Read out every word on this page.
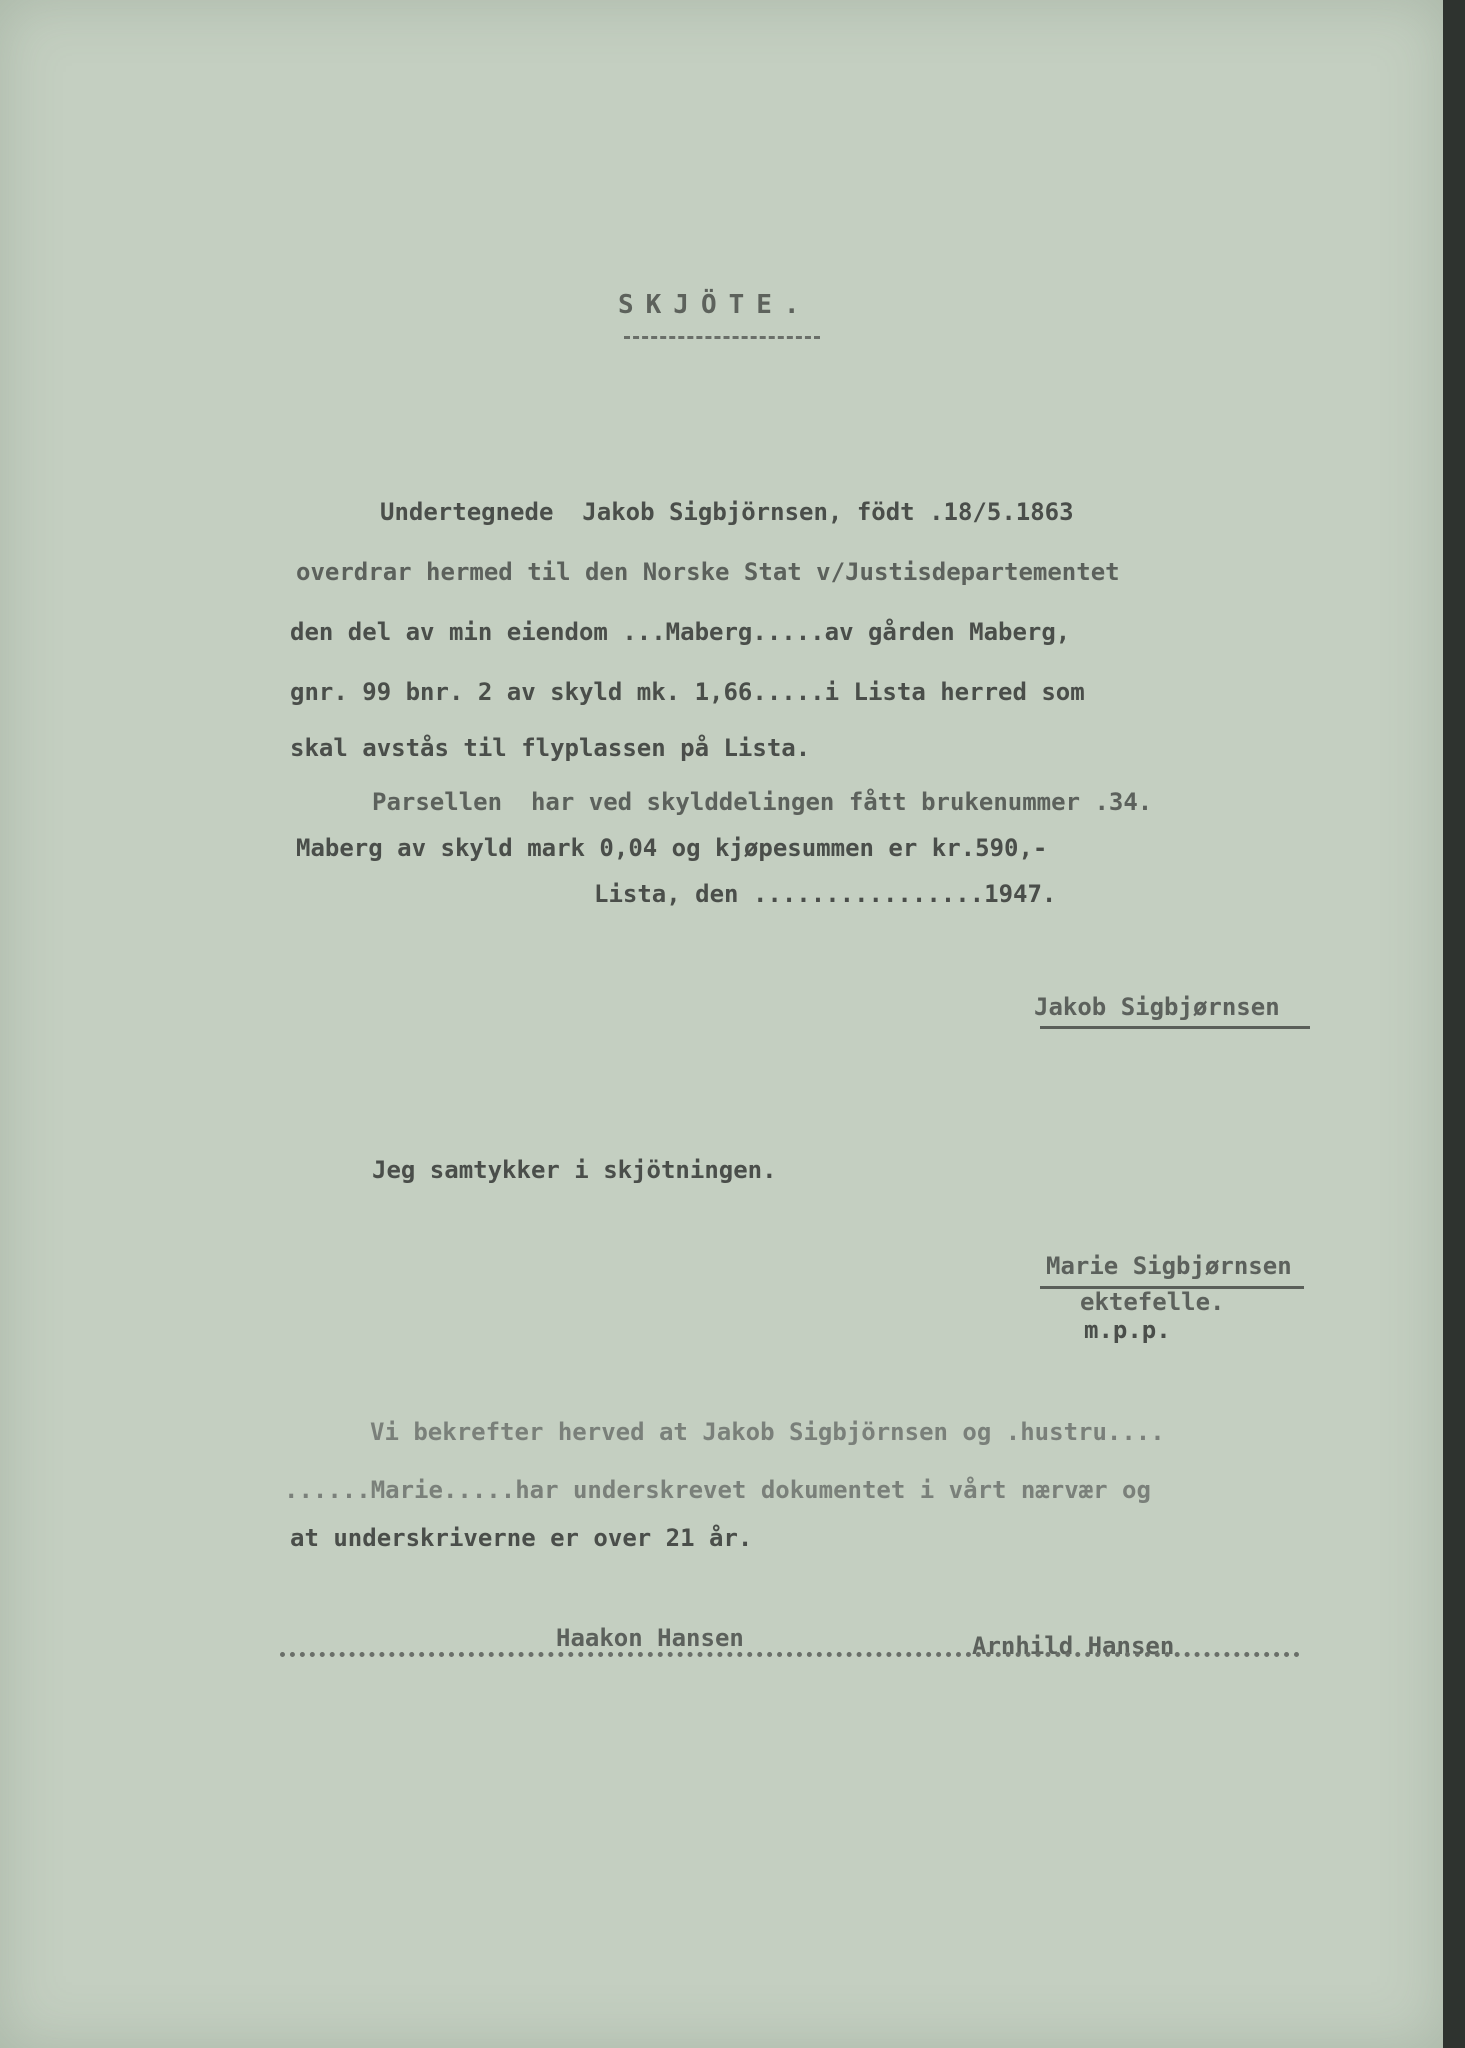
SKJÖTE.

Undertegnede  Jakob Sigbjörnsen, födt .18/5.1863

overdrar hermed til den Norske Stat v/Justisdepartementet

den del av min eiendom ...Maberg.....av gården Maberg,

gnr. 99 bnr. 2 av skyld mk. 1,66.....i Lista herred som

skal avstås til flyplassen på Lista.

Parsellen  har ved skylddelingen fått brukenummer .34.

Maberg av skyld mark 0,04 og kjøpesummen er kr.590,-

Lista, den ................1947.

Jakob Sigbjørnsen

Jeg samtykker i skjötningen.

Marie Sigbjørnsen

ektefelle.

m.p.p.

Vi bekrefter herved at Jakob Sigbjörnsen og .hustru....

......Marie.....har underskrevet dokumentet i vårt nærvær og

at underskriverne er over 21 år.

Haakon Hansen	Arnhild Hansen
